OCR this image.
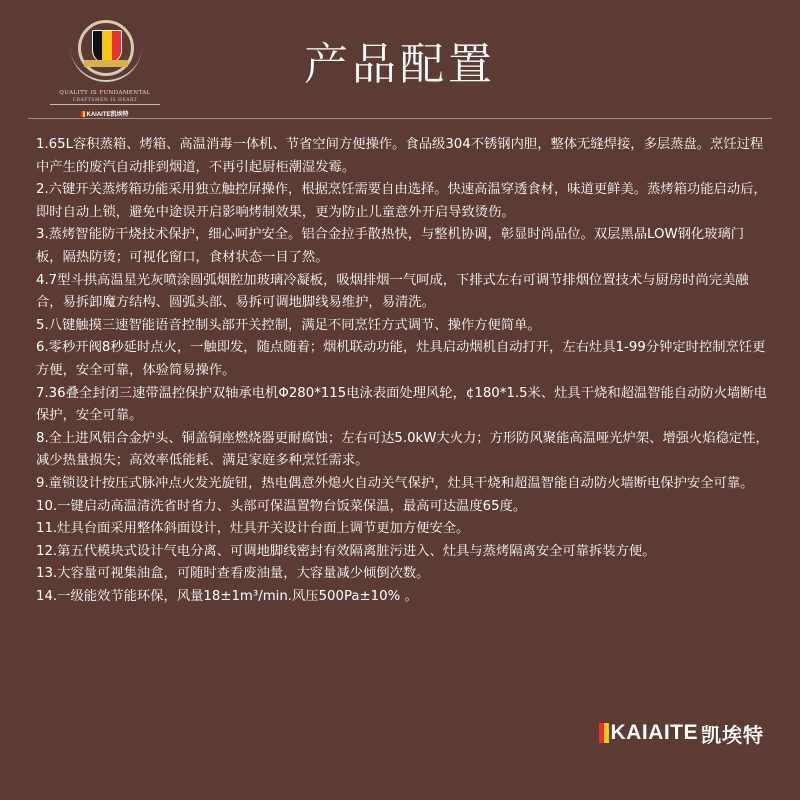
QUALITY IS FUNDAMENTAL
CRAFTSMEN IS HEART
KAIAITE凯埃特
产品配置
1.65L容积蒸箱、烤箱、高温消毒一体机、节省空间方便操作。食品级304不锈钢内胆，整体无缝焊接，多层蒸盘。烹饪过程中产生的废汽自动排到烟道，不再引起厨柜潮湿发霉。
2.六键开关蒸烤箱功能采用独立触控屏操作，根据烹饪需要自由选择。快速高温穿透食材，味道更鲜美。蒸烤箱功能启动后，即时自动上锁，避免中途误开启影响烤制效果，更为防止儿童意外开启导致烫伤。
3.蒸烤智能防干烧技术保护，细心呵护安全。铝合金拉手散热快，与整机协调，彰显时尚品位。双层黑晶LOW钢化玻璃门板，隔热防烫；可视化窗口，食材状态一目了然。
4.7型斗拱高温星光灰喷涂圆弧烟腔加玻璃冷凝板，吸烟排烟一气呵成，下排式左右可调节排烟位置技术与厨房时尚完美融合，易拆卸魔方结构、圆弧头部、易拆可调地脚线易维护，易清洗。
5.八键触摸三速智能语音控制头部开关控制，满足不同烹饪方式调节、操作方便简单。
6.零秒开阀8秒延时点火，一触即发，随点随着；烟机联动功能，灶具启动烟机自动打开，左右灶具1-99分钟定时控制烹饪更方便，安全可靠，体验简易操作。
7.36叠全封闭三速带温控保护双轴承电机Φ280*115电泳表面处理风轮，¢180*1.5米、灶具干烧和超温智能自动防火墙断电保护，安全可靠。
8.全上进风铝合金炉头、铜盖铜座燃烧器更耐腐蚀；左右可达5.0kW大火力；方形防风聚能高温哑光炉架、增强火焰稳定性，减少热量损失；高效率低能耗、满足家庭多种烹饪需求。
9.童锁设计按压式脉冲点火发光旋钮，热电偶意外熄火自动关气保护，灶具干烧和超温智能自动防火墙断电保护安全可靠。
10.一键启动高温清洗省时省力、头部可保温置物台饭菜保温，最高可达温度65度。
11.灶具台面采用整体斜面设计，灶具开关设计台面上调节更加方便安全。
12.第五代模块式设计气电分离、可调地脚线密封有效隔离脏污进入、灶具与蒸烤隔离安全可靠拆装方便。
13.大容量可视集油盒，可随时查看废油量，大容量减少倾倒次数。
14.一级能效节能环保，风量18±1m³/min.风压500Pa±10% 。
KAIAITE 凯埃特
